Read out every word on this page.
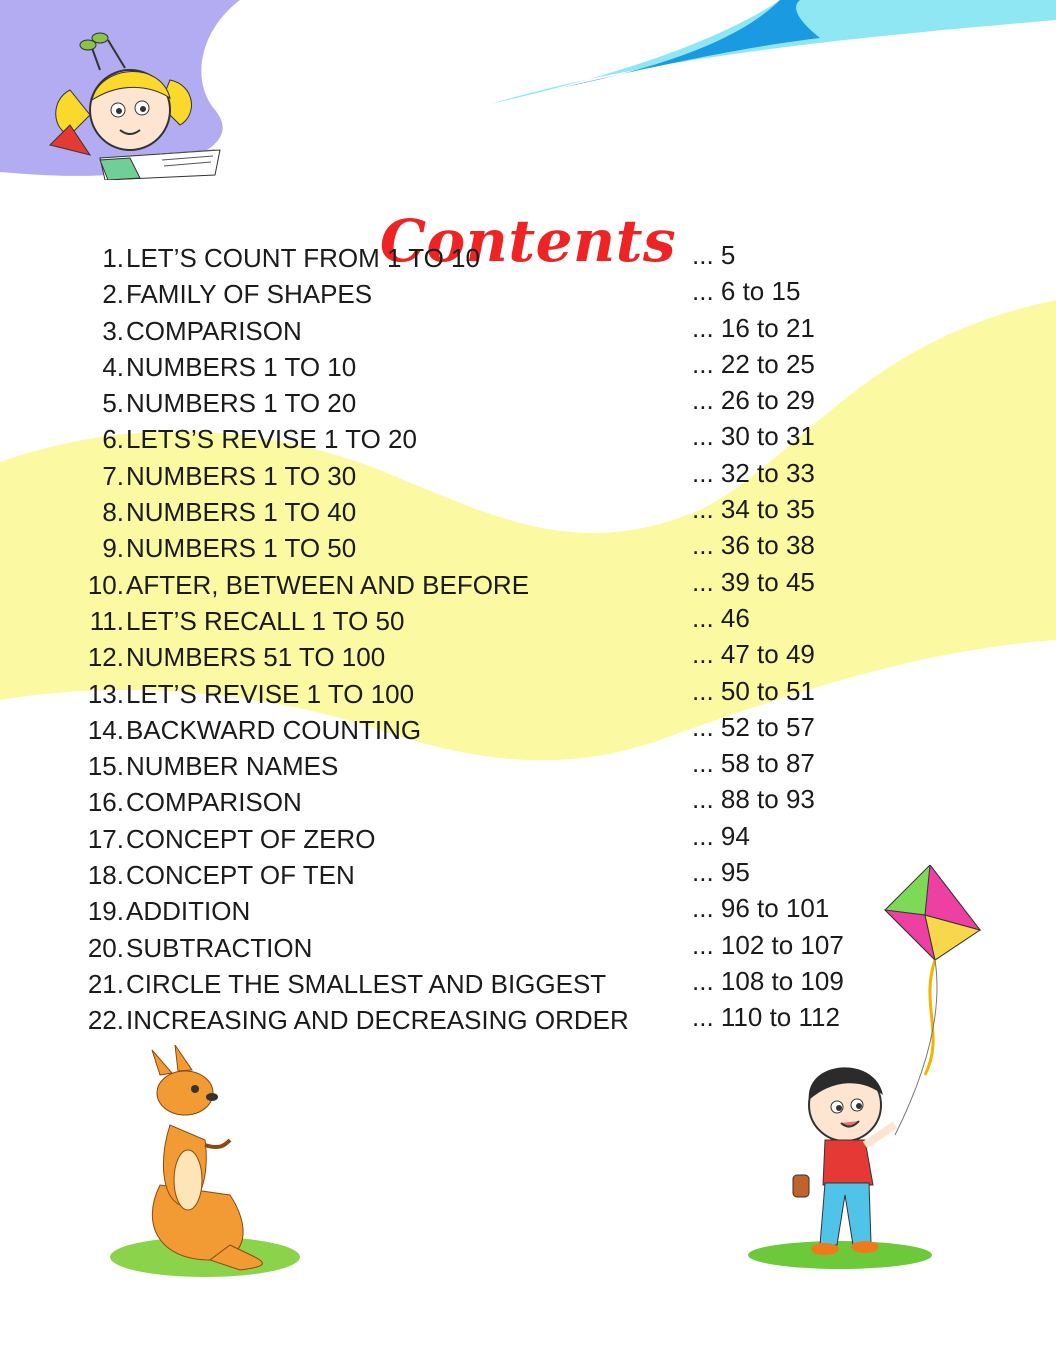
Contents
1. LET’S COUNT FROM 1 TO 10	... 5
2. FAMILY OF SHAPES	... 6 to 15
3. COMPARISON	... 16 to 21
4. NUMBERS 1 TO 10	... 22 to 25
5. NUMBERS 1 TO 20	... 26 to 29
6. LETS’S REVISE 1 TO 20	... 30 to 31
7. NUMBERS 1 TO 30	... 32 to 33
8. NUMBERS 1 TO 40	... 34 to 35
9. NUMBERS 1 TO 50	... 36 to 38
10. AFTER, BETWEEN AND BEFORE	... 39 to 45
11. LET’S RECALL 1 TO 50	... 46
12. NUMBERS 51 TO 100	... 47 to 49
13. LET’S REVISE 1 TO 100	... 50 to 51
14. BACKWARD COUNTING	... 52 to 57
15. NUMBER NAMES	... 58 to 87
16. COMPARISON	... 88 to 93
17. CONCEPT OF ZERO	... 94
18. CONCEPT OF TEN	... 95
19. ADDITION	... 96 to 101
20. SUBTRACTION	... 102 to 107
21. CIRCLE THE SMALLEST AND BIGGEST	... 108 to 109
22. INCREASING AND DECREASING ORDER ... 110 to 112
